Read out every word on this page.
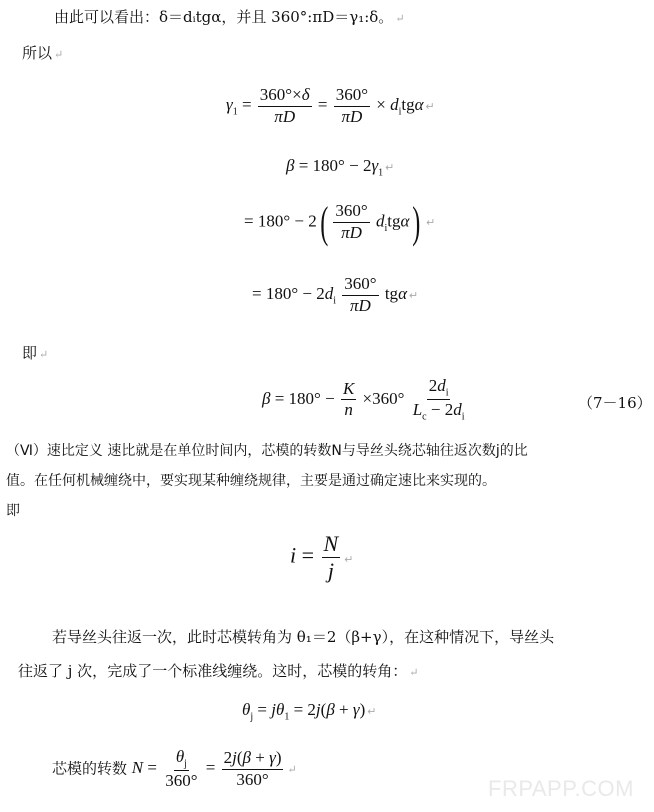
由此可以看出：δ＝dᵢtgα，并且 360°:πD＝γ₁:δ。 ↵
所以 ↵
$\gamma_1 = \frac{360^\circ\times\delta}{\pi D} = \frac{360^\circ}{\pi D} \times d_itg\alpha$ ↵
$\beta = 180^\circ - 2\gamma_1$ ↵
= $180^\circ - 2( \frac{360^\circ}{\pi D} d_itg\alpha)$ ↵
= $180^\circ - 2d_i \frac{360^\circ}{\pi D}$ tgα ↵
即 ↵
$\beta = 180^\circ - \frac{K}{n} \times 360^\circ \frac{2d_i}{L_c - 2d_i}$	（7－16）
（Ⅵ）速比定义 速比就是在单位时间内，芯模的转数N与导丝头绕芯轴往返次数j的比
值。在任何机械缠绕中，要实现某种缠绕规律，主要是通过确定速比来实现的。
即
$i = \frac{N}{j}$ ↵
若导丝头往返一次，此时芯模转角为 θ₁＝2（β+γ），在这种情况下，导丝头
往返了 j 次，完成了一个标准线缠绕。这时，芯模的转角： ↵
$\theta_j = j\theta_1 = 2j(\beta + \gamma)$ ↵
芯模的转数 $N = \frac{\theta_j}{360^\circ} = \frac{2j(\beta + \gamma)}{360^\circ}$ ↵
FRPAPP.COM
